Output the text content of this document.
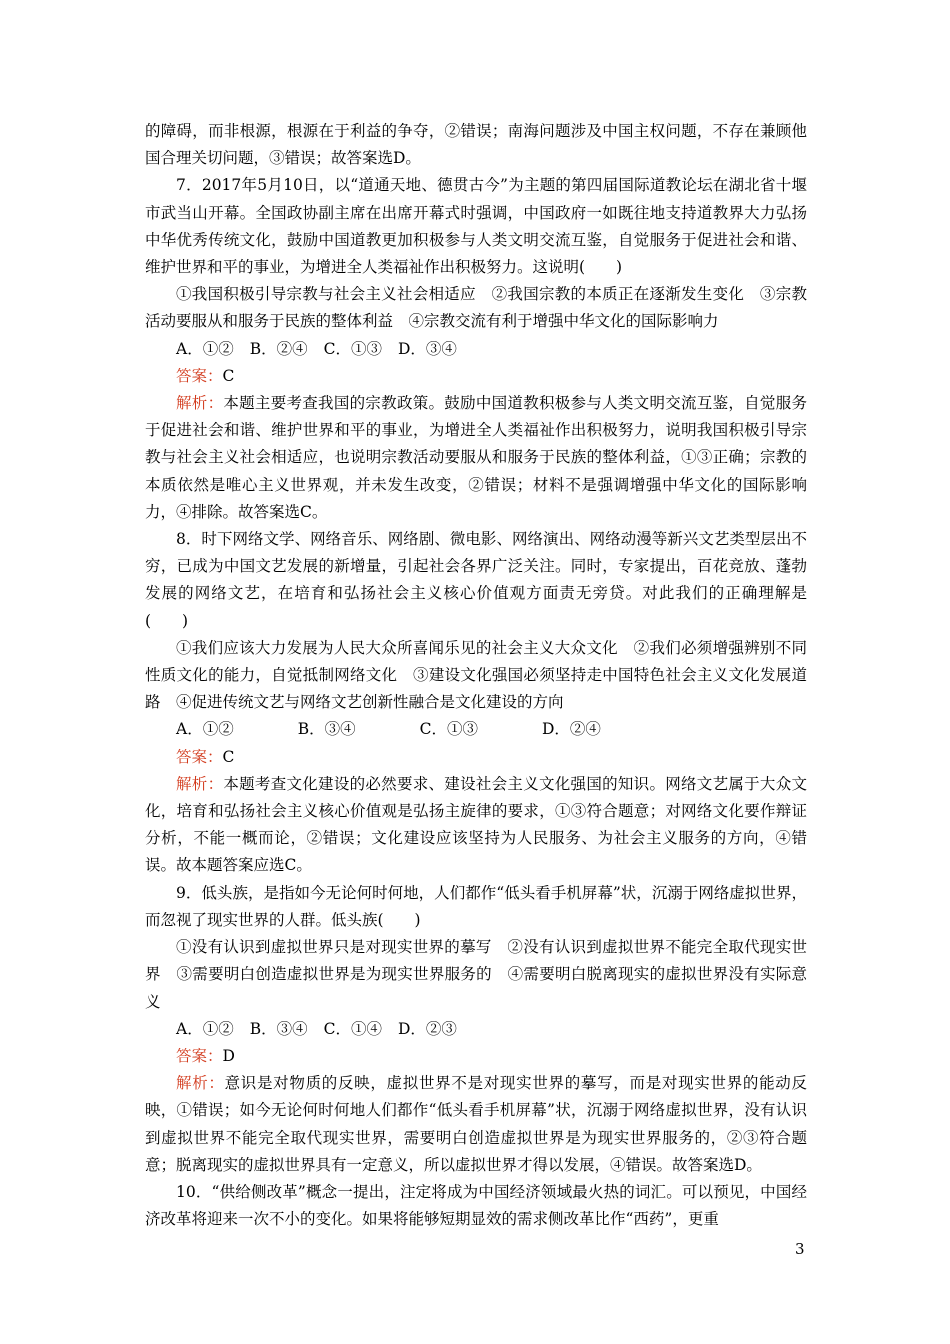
的障碍，而非根源，根源在于利益的争夺，②错误；南海问题涉及中国主权问题，不存在兼顾他国合理关切问题，③错误；故答案选D。

7．2017年5月10日，以“道通天地、德贯古今”为主题的第四届国际道教论坛在湖北省十堰市武当山开幕。全国政协副主席在出席开幕式时强调，中国政府一如既往地支持道教界大力弘扬中华优秀传统文化，鼓励中国道教更加积极参与人类文明交流互鉴，自觉服务于促进社会和谐、维护世界和平的事业，为增进全人类福祉作出积极努力。这说明(　　)

①我国积极引导宗教与社会主义社会相适应　②我国宗教的本质正在逐渐发生变化　③宗教活动要服从和服务于民族的整体利益　④宗教交流有利于增强中华文化的国际影响力

A．①② B．②④ C．①③ D．③④

答案：C

解析：本题主要考查我国的宗教政策。鼓励中国道教积极参与人类文明交流互鉴，自觉服务于促进社会和谐、维护世界和平的事业，为增进全人类福祉作出积极努力，说明我国积极引导宗教与社会主义社会相适应，也说明宗教活动要服从和服务于民族的整体利益，①③正确；宗教的本质依然是唯心主义世界观，并未发生改变，②错误；材料不是强调增强中华文化的国际影响力，④排除。故答案选C。

8．时下网络文学、网络音乐、网络剧、微电影、网络演出、网络动漫等新兴文艺类型层出不穷，已成为中国文艺发展的新增量，引起社会各界广泛关注。同时，专家提出，百花竞放、蓬勃发展的网络文艺，在培育和弘扬社会主义核心价值观方面责无旁贷。对此我们的正确理解是(　　)

①我们应该大力发展为人民大众所喜闻乐见的社会主义大众文化　②我们必须增强辨别不同性质文化的能力，自觉抵制网络文化　③建设文化强国必须坚持走中国特色社会主义文化发展道路　④促进传统文艺与网络文艺创新性融合是文化建设的方向

A．①②	B．③④	C．①③	D．②④

答案：C

解析：本题考查文化建设的必然要求、建设社会主义文化强国的知识。网络文艺属于大众文化，培育和弘扬社会主义核心价值观是弘扬主旋律的要求，①③符合题意；对网络文化要作辩证分析，不能一概而论，②错误；文化建设应该坚持为人民服务、为社会主义服务的方向，④错误。故本题答案应选C。

9．低头族，是指如今无论何时何地，人们都作“低头看手机屏幕”状，沉溺于网络虚拟世界，而忽视了现实世界的人群。低头族(　　)

①没有认识到虚拟世界只是对现实世界的摹写　②没有认识到虚拟世界不能完全取代现实世界　③需要明白创造虚拟世界是为现实世界服务的　④需要明白脱离现实的虚拟世界没有实际意义

A．①② B．③④ C．①④ D．②③

答案：D

解析：意识是对物质的反映，虚拟世界不是对现实世界的摹写，而是对现实世界的能动反映，①错误；如今无论何时何地人们都作“低头看手机屏幕”状，沉溺于网络虚拟世界，没有认识到虚拟世界不能完全取代现实世界，需要明白创造虚拟世界是为现实世界服务的，②③符合题意；脱离现实的虚拟世界具有一定意义，所以虚拟世界才得以发展，④错误。故答案选D。

10．“供给侧改革”概念一提出，注定将成为中国经济领域最火热的词汇。可以预见，中国经济改革将迎来一次不小的变化。如果将能够短期显效的需求侧改革比作“西药”，更重

3
